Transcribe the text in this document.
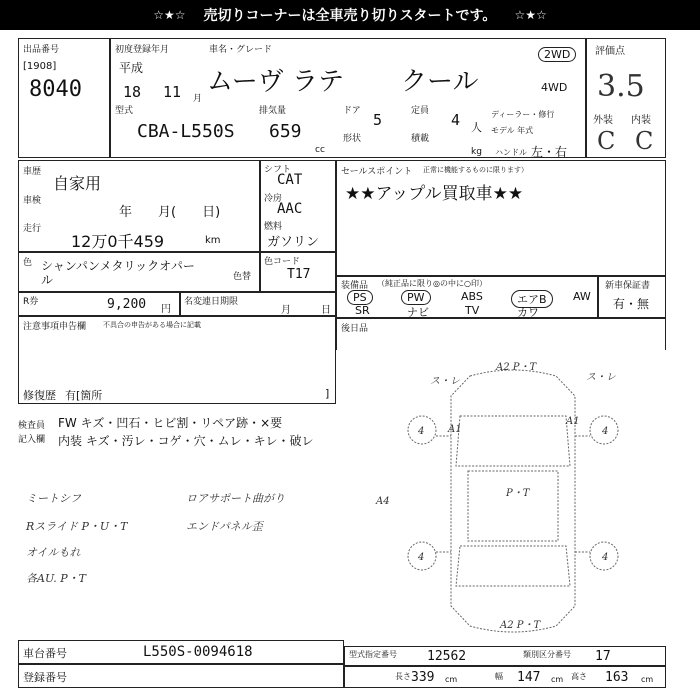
☆★☆ 売切りコーナーは全車売り切りスタートです。 ☆★☆
出品番号
[1908]
8040
初度登録年月	車名・グレード
平成
18 11 月
ムーヴ ラテ クール
2WD
4WD
型式
CBA-L550S
排気量
659
cc
ドア 5
形状
定員 4 人
積載
kg
ディーラー・修行
モデル 年式
ハンドル 左・右
評価点
3.5
外装 内装
C C
車歴
自家用
車検
年　　月(　　日)
走行
12万0千459	km
シフト
CAT
冷房
AAC
燃料
ガソリン
セールスポイント 正常に機能するものに限ります）
★★アップル買取車★★
色 シャンパンメタリックオパール	色替
色コード
T17
装備品 （純正品に限り◎の中に○印）
PS	PW	ABS	エアB	AW
SR	ナビ	TV	カワ
新車保証書
有・無
R券	9,200 円
名変連日期限
月	日
注意事項申告欄 不具合の申告がある場合に記載
修復歴 有[箇所	]
後日品
検査員
記入欄
FW キズ・凹石・ヒビ割・リペア跡・×要
内装 キズ・汚レ・コゲ・穴・ムレ・キレ・破レ
ミートシフ
Rスライド P・U・T
オイルもれ
各AU. P・T
ロアサポート曲がり
エンドパネル歪
A2 P・T
A1
A1
A4
P・T
A2 P・T
ス・レ	ス・レ
4	4
4	4
車台番号	L550S-0094618
登録番号
型式指定番号 12562	類別区分番号 17
長さ 339 cm	幅 147 cm 高さ 163 cm
